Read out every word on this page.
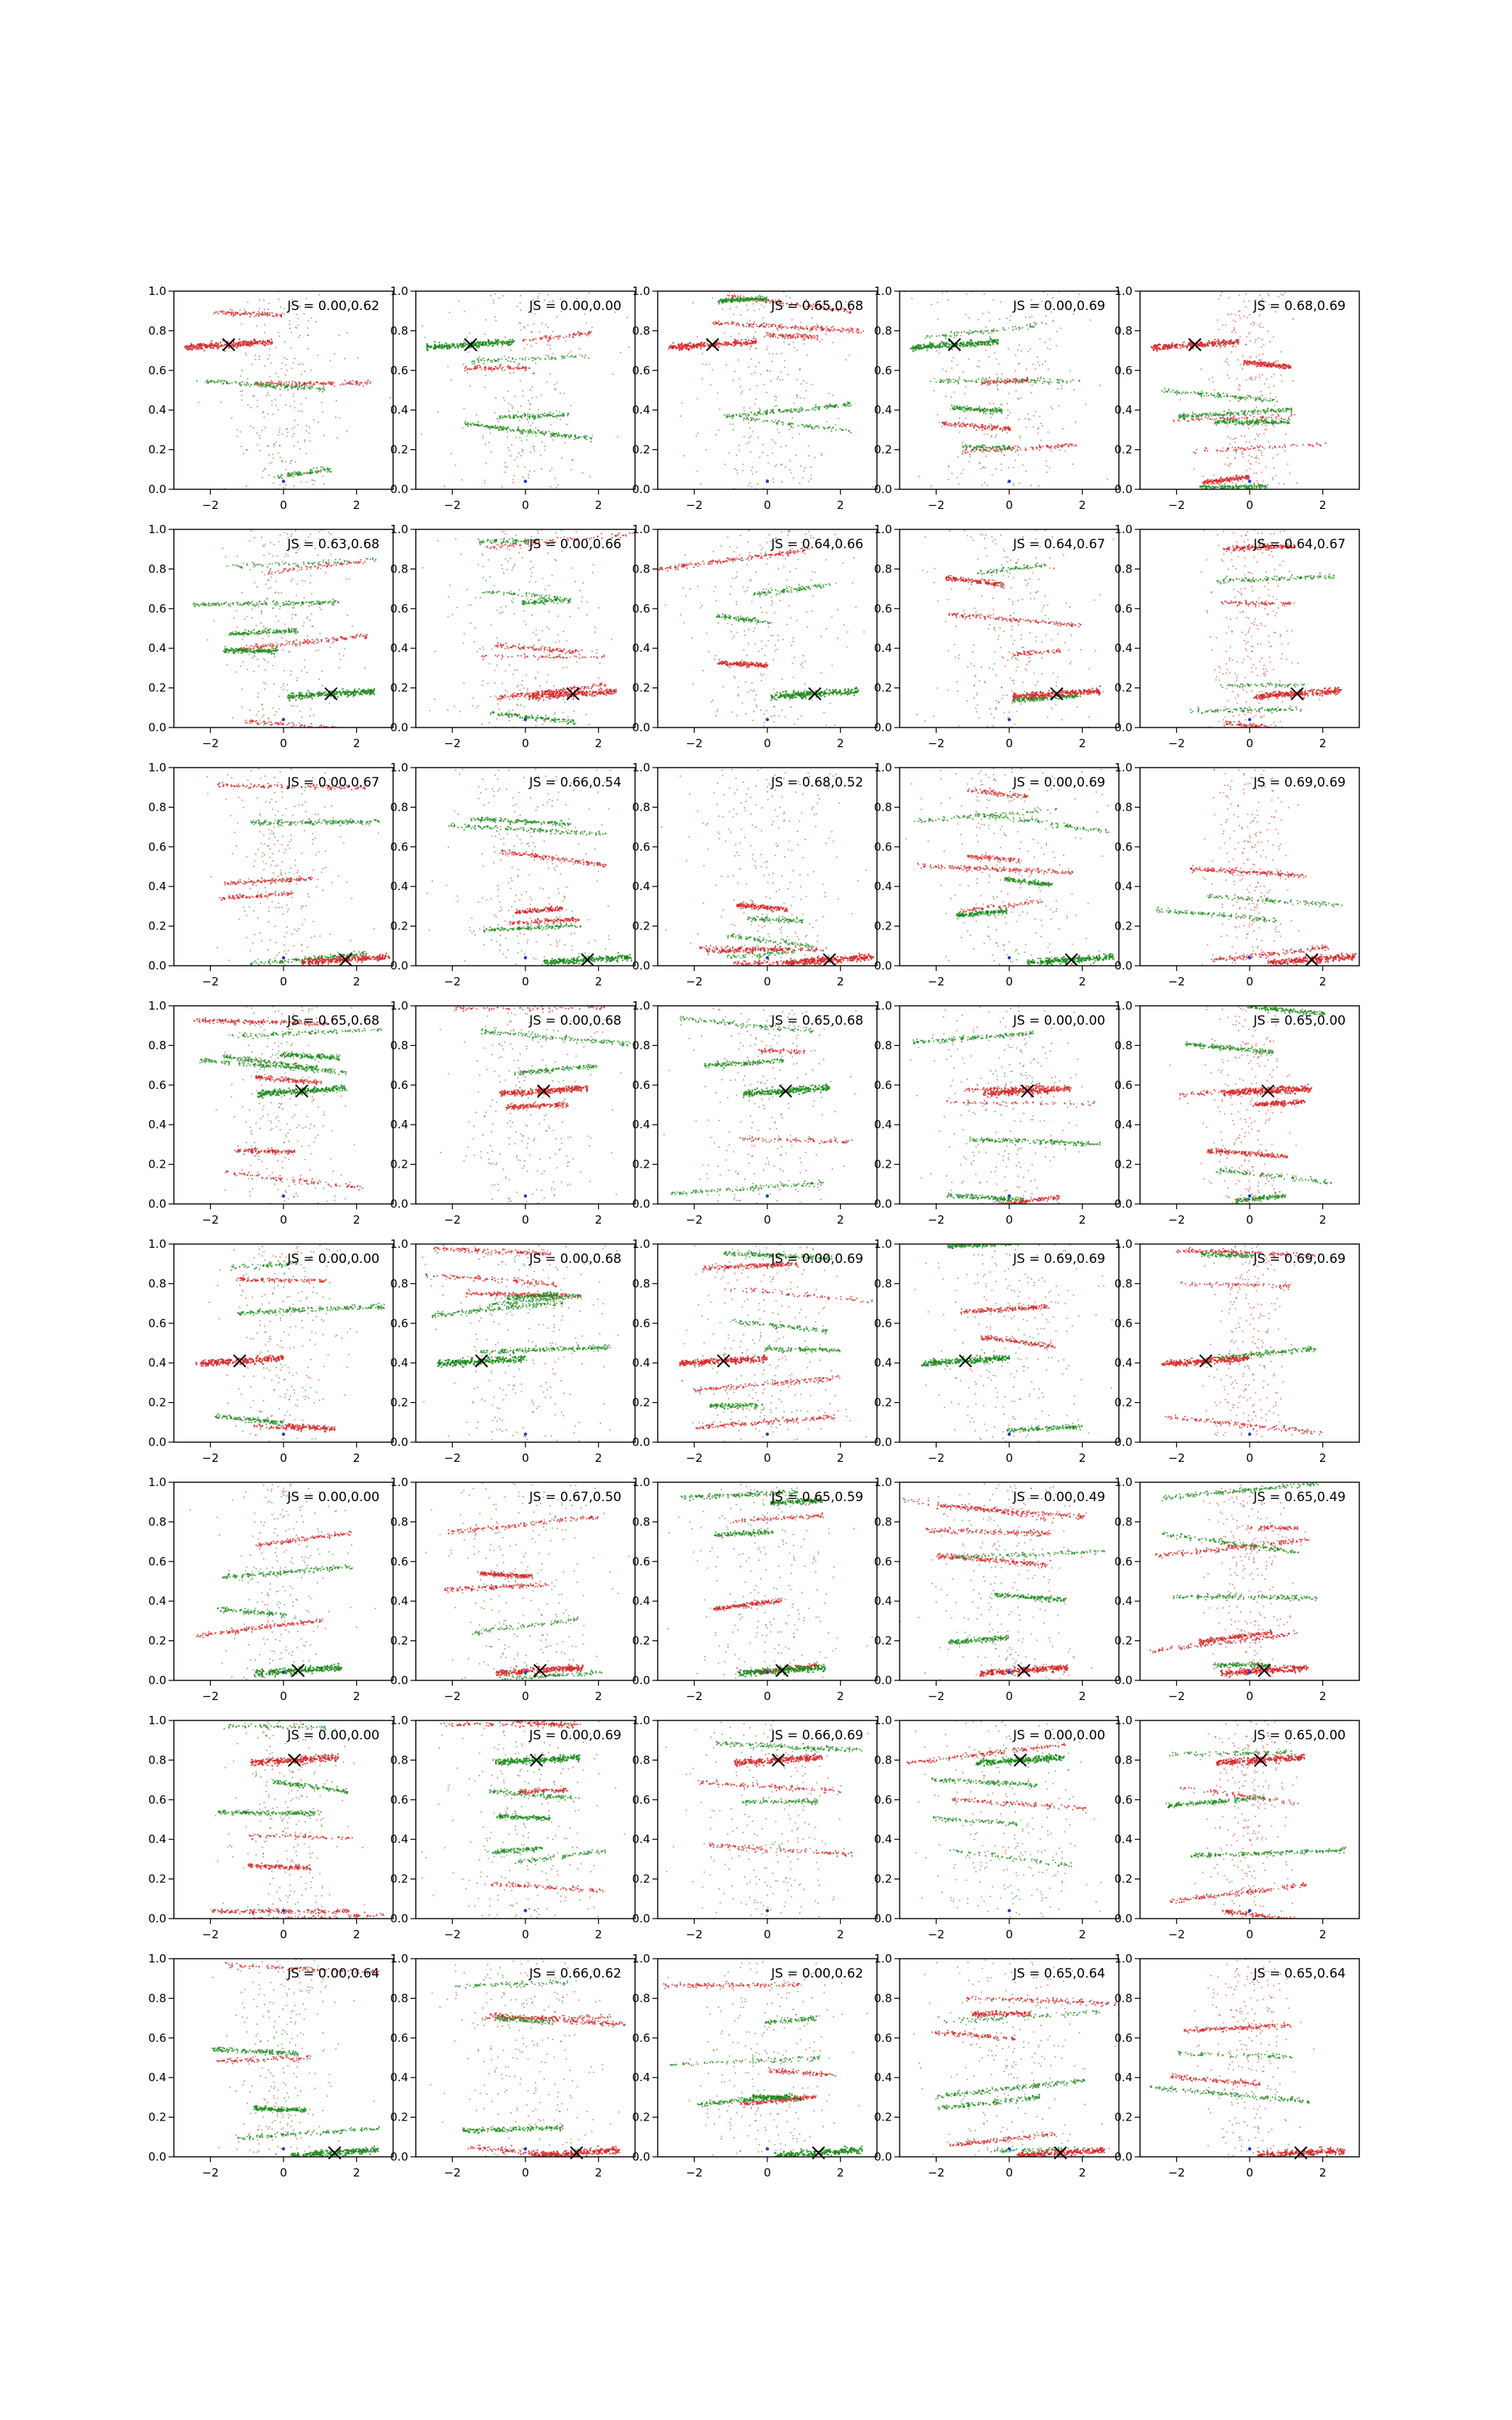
−2	0	2
0.0
0.2
0.4
0.6
0.8
1.0
JS = 0.00,0.62
−2	0	2
0.0
0.2
0.4
0.6
0.8
1.0
JS = 0.00,0.00
−2	0	2
0.0
0.2
0.4
0.6
0.8
1.0
JS = 0.65,0.68
−2	0	2
0.0
0.2
0.4
0.6
0.8
1.0
JS = 0.00,0.69
−2	0	2
0.0
0.2
0.4
0.6
0.8
1.0
JS = 0.68,0.69
−2	0	2
0.0
0.2
0.4
0.6
0.8
1.0
JS = 0.63,0.68
−2	0	2
0.0
0.2
0.4
0.6
0.8
1.0
JS = 0.00,0.66
−2	0	2
0.0
0.2
0.4
0.6
0.8
1.0
JS = 0.64,0.66
−2	0	2
0.0
0.2
0.4
0.6
0.8
1.0
JS = 0.64,0.67
−2	0	2
0.0
0.2
0.4
0.6
0.8
1.0
JS = 0.64,0.67
−2	0	2
0.0
0.2
0.4
0.6
0.8
1.0
JS = 0.00,0.67
−2	0	2
0.0
0.2
0.4
0.6
0.8
1.0
JS = 0.66,0.54
−2	0	2
0.0
0.2
0.4
0.6
0.8
1.0
JS = 0.68,0.52
−2	0	2
0.0
0.2
0.4
0.6
0.8
1.0
JS = 0.00,0.69
−2	0	2
0.0
0.2
0.4
0.6
0.8
1.0
JS = 0.69,0.69
−2	0	2
0.0
0.2
0.4
0.6
0.8
1.0
JS = 0.65,0.68
−2	0	2
0.0
0.2
0.4
0.6
0.8
1.0
JS = 0.00,0.68
−2	0	2
0.0
0.2
0.4
0.6
0.8
1.0
JS = 0.65,0.68
−2	0	2
0.0
0.2
0.4
0.6
0.8
1.0
JS = 0.00,0.00
−2	0	2
0.0
0.2
0.4
0.6
0.8
1.0
JS = 0.65,0.00
−2	0	2
0.0
0.2
0.4
0.6
0.8
1.0
JS = 0.00,0.00
−2	0	2
0.0
0.2
0.4
0.6
0.8
1.0
JS = 0.00,0.68
−2	0	2
0.0
0.2
0.4
0.6
0.8
1.0
JS = 0.00,0.69
−2	0	2
0.0
0.2
0.4
0.6
0.8
1.0
JS = 0.69,0.69
−2	0	2
0.0
0.2
0.4
0.6
0.8
1.0
JS = 0.69,0.69
−2	0	2
0.0
0.2
0.4
0.6
0.8
1.0
JS = 0.00,0.00
−2	0	2
0.0
0.2
0.4
0.6
0.8
1.0
JS = 0.67,0.50
−2	0	2
0.0
0.2
0.4
0.6
0.8
1.0
JS = 0.65,0.59
−2	0	2
0.0
0.2
0.4
0.6
0.8
1.0
JS = 0.00,0.49
−2	0	2
0.0
0.2
0.4
0.6
0.8
1.0
JS = 0.65,0.49
−2	0	2
0.0
0.2
0.4
0.6
0.8
1.0
JS = 0.00,0.00
−2	0	2
0.0
0.2
0.4
0.6
0.8
1.0
JS = 0.00,0.69
−2	0	2
0.0
0.2
0.4
0.6
0.8
1.0
JS = 0.66,0.69
−2	0	2
0.0
0.2
0.4
0.6
0.8
1.0
JS = 0.00,0.00
−2	0	2
0.0
0.2
0.4
0.6
0.8
1.0
JS = 0.65,0.00
−2	0	2
0.0
0.2
0.4
0.6
0.8
1.0
JS = 0.00,0.64
−2	0	2
0.0
0.2
0.4
0.6
0.8
1.0
JS = 0.66,0.62
−2	0	2
0.0
0.2
0.4
0.6
0.8
1.0
JS = 0.00,0.62
−2	0	2
0.0
0.2
0.4
0.6
0.8
1.0
JS = 0.65,0.64
−2	0	2
0.0
0.2
0.4
0.6
0.8
1.0
JS = 0.65,0.64
